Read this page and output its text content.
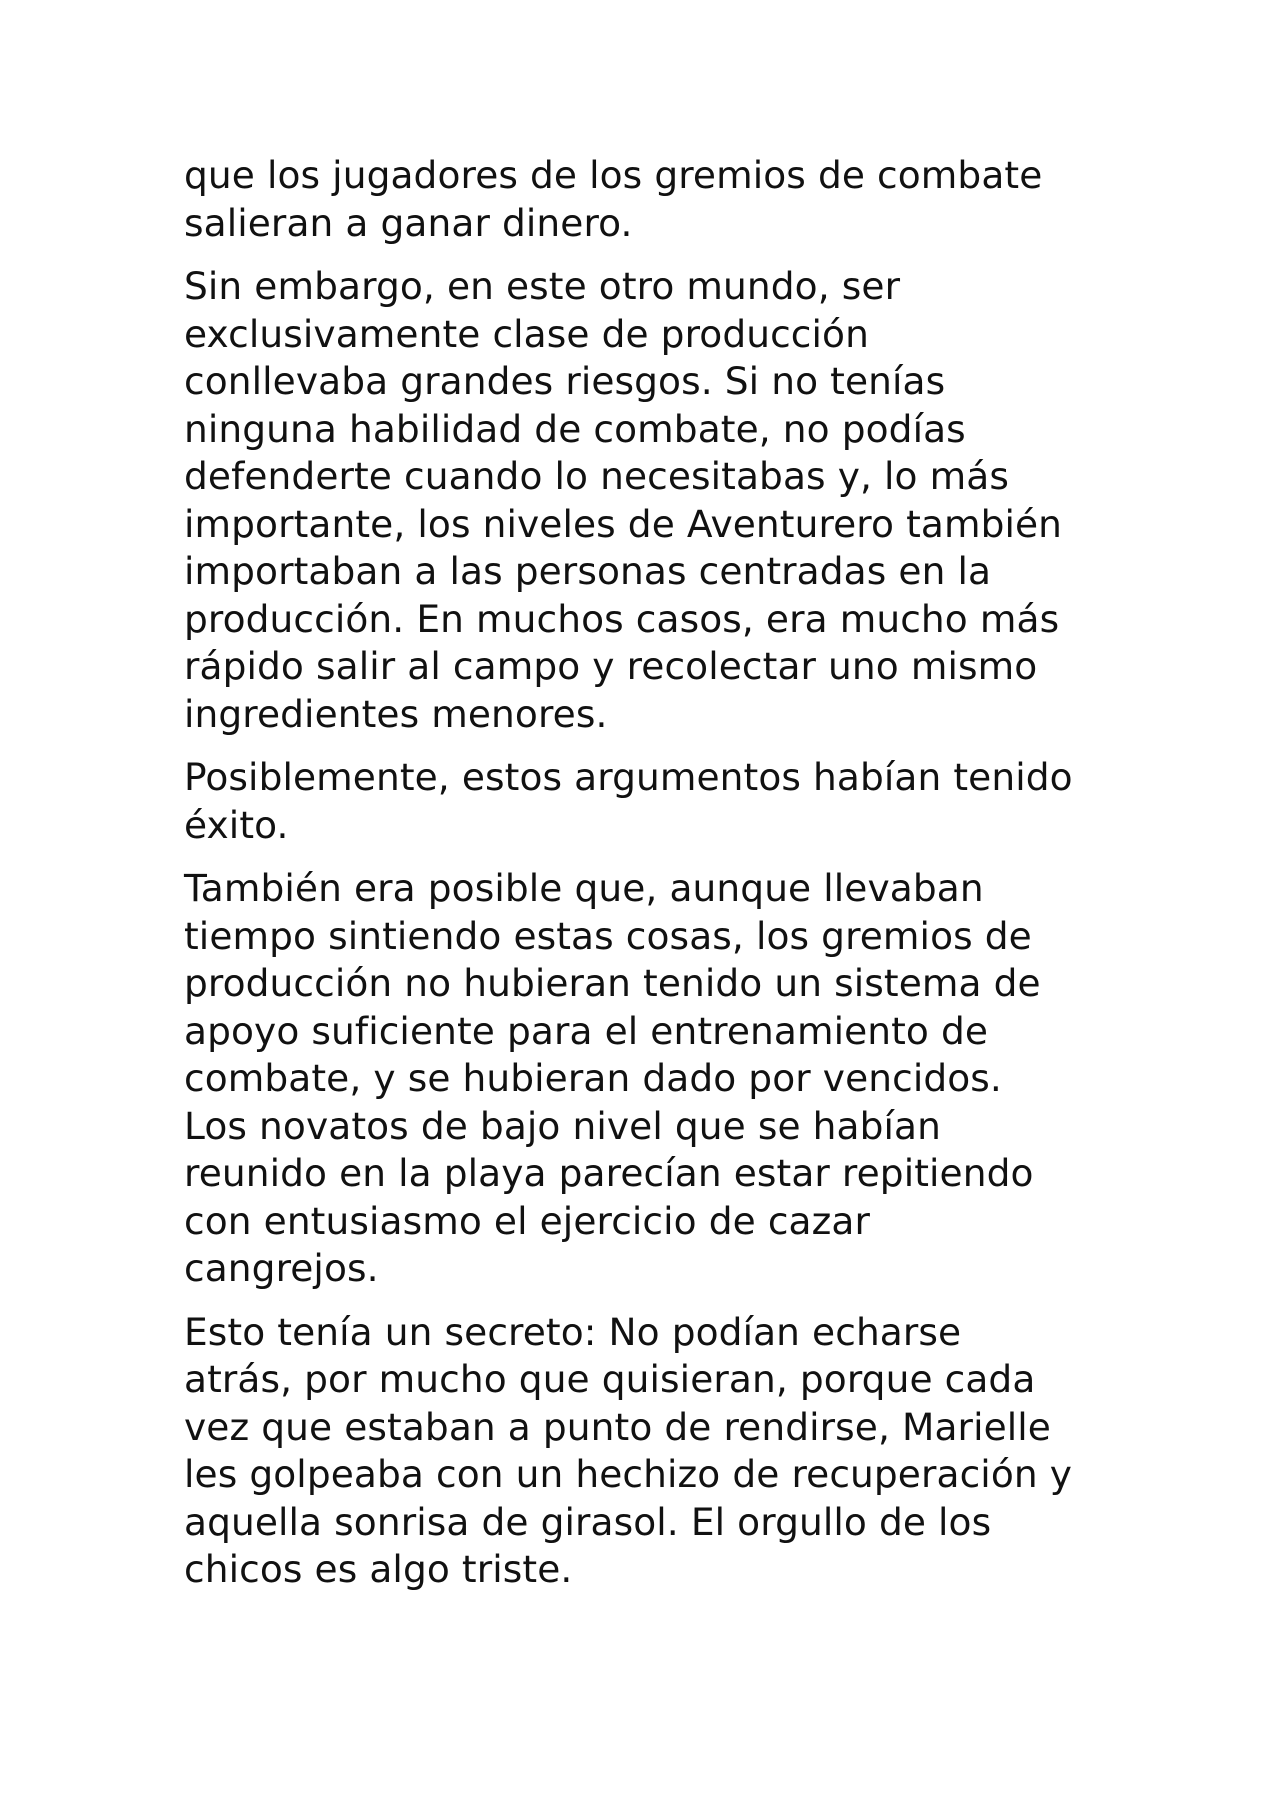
que los jugadores de los gremios de combate
salieran a ganar dinero.

Sin embargo, en este otro mundo, ser
exclusivamente clase de producción
conllevaba grandes riesgos. Si no tenías
ninguna habilidad de combate, no podías
defenderte cuando lo necesitabas y, lo más
importante, los niveles de Aventurero también
importaban a las personas centradas en la
producción. En muchos casos, era mucho más
rápido salir al campo y recolectar uno mismo
ingredientes menores.

Posiblemente, estos argumentos habían tenido
éxito.

También era posible que, aunque llevaban
tiempo sintiendo estas cosas, los gremios de
producción no hubieran tenido un sistema de
apoyo suficiente para el entrenamiento de
combate, y se hubieran dado por vencidos.
Los novatos de bajo nivel que se habían
reunido en la playa parecían estar repitiendo
con entusiasmo el ejercicio de cazar
cangrejos.

Esto tenía un secreto: No podían echarse
atrás, por mucho que quisieran, porque cada
vez que estaban a punto de rendirse, Marielle
les golpeaba con un hechizo de recuperación y
aquella sonrisa de girasol. El orgullo de los
chicos es algo triste.
